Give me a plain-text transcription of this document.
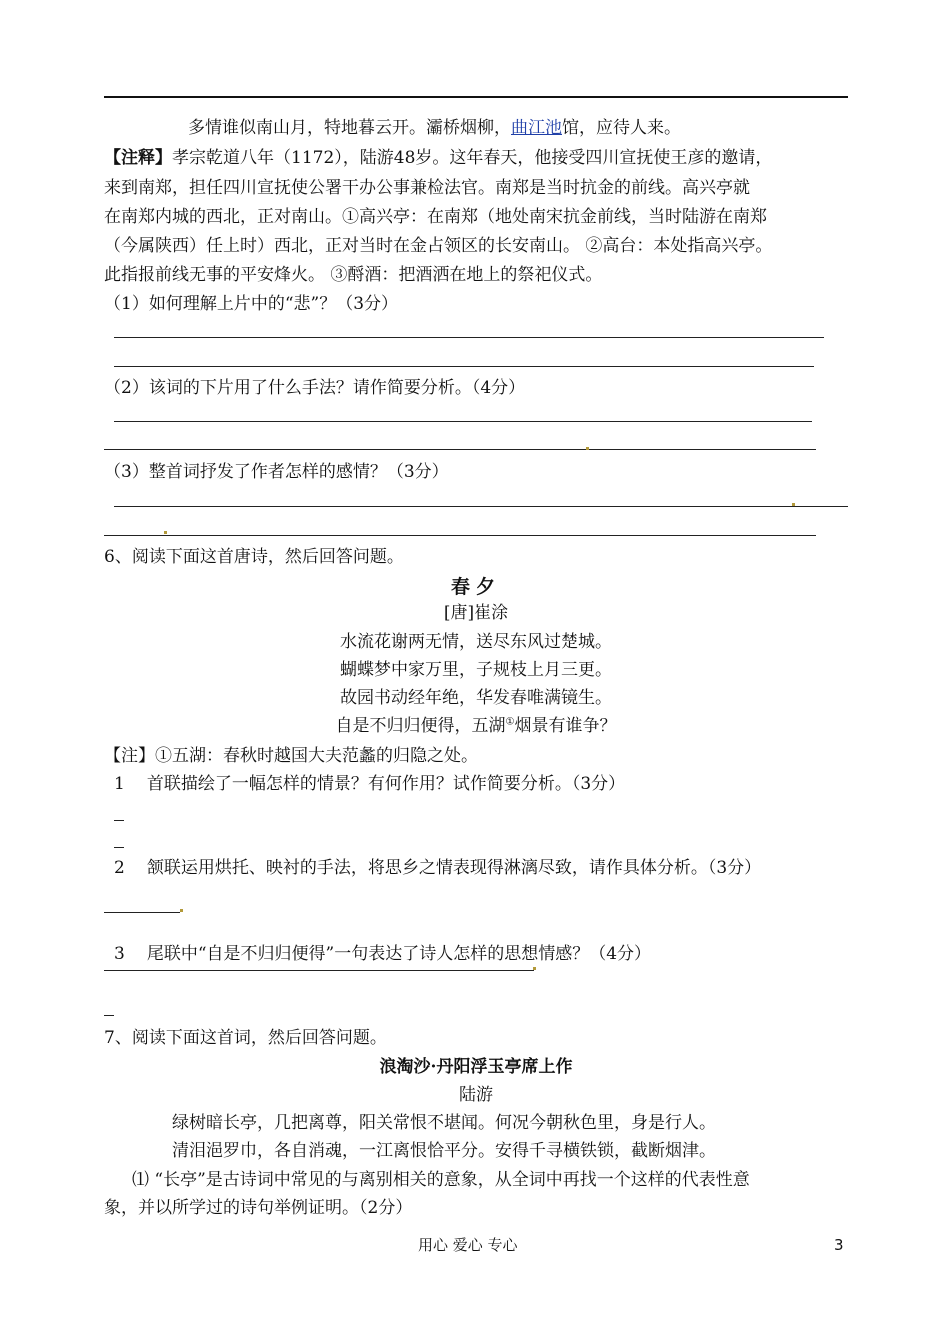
多情谁似南山月，特地暮云开。灞桥烟柳，曲江池馆，应待人来。
【注释】孝宗乾道八年（1172），陆游48岁。这年春天，他接受四川宣抚使王彦的邀请，
来到南郑，担任四川宣抚使公署干办公事兼检法官。南郑是当时抗金的前线。高兴亭就
在南郑内城的西北，正对南山。①高兴亭：在南郑（地处南宋抗金前线，当时陆游在南郑
（今属陕西）任上时）西北，正对当时在金占领区的长安南山。 ②高台：本处指高兴亭。
此指报前线无事的平安烽火。 ③酹酒：把酒洒在地上的祭祀仪式。
（1）如何理解上片中的“悲”？（3分）
（2）该词的下片用了什么手法？请作简要分析。（4分）
（3）整首词抒发了作者怎样的感情？（3分）
6、阅读下面这首唐诗，然后回答问题。
春夕
[唐]崔涂
水流花谢两无情，送尽东风过楚城。
蝴蝶梦中家万里，子规枝上月三更。
故园书动经年绝，华发春唯满镜生。
自是不归归便得，五湖①烟景有谁争？
【注】①五湖：春秋时越国大夫范蠡的归隐之处。
1 首联描绘了一幅怎样的情景？有何作用？试作简要分析。（3分）
2 颔联运用烘托、映衬的手法，将思乡之情表现得淋漓尽致，请作具体分析。（3分）
3 尾联中“自是不归归便得”一句表达了诗人怎样的思想情感？（4分）
7、阅读下面这首词，然后回答问题。
浪淘沙·丹阳浮玉亭席上作
陆游
绿树暗长亭，几把离尊，阳关常恨不堪闻。何况今朝秋色里，身是行人。
清泪浥罗巾，各自消魂，一江离恨恰平分。安得千寻横铁锁，截断烟津。
⑴ “长亭”是古诗词中常见的与离别相关的意象，从全词中再找一个这样的代表性意
象，并以所学过的诗句举例证明。（2分）
用心 爱心 专心	3
